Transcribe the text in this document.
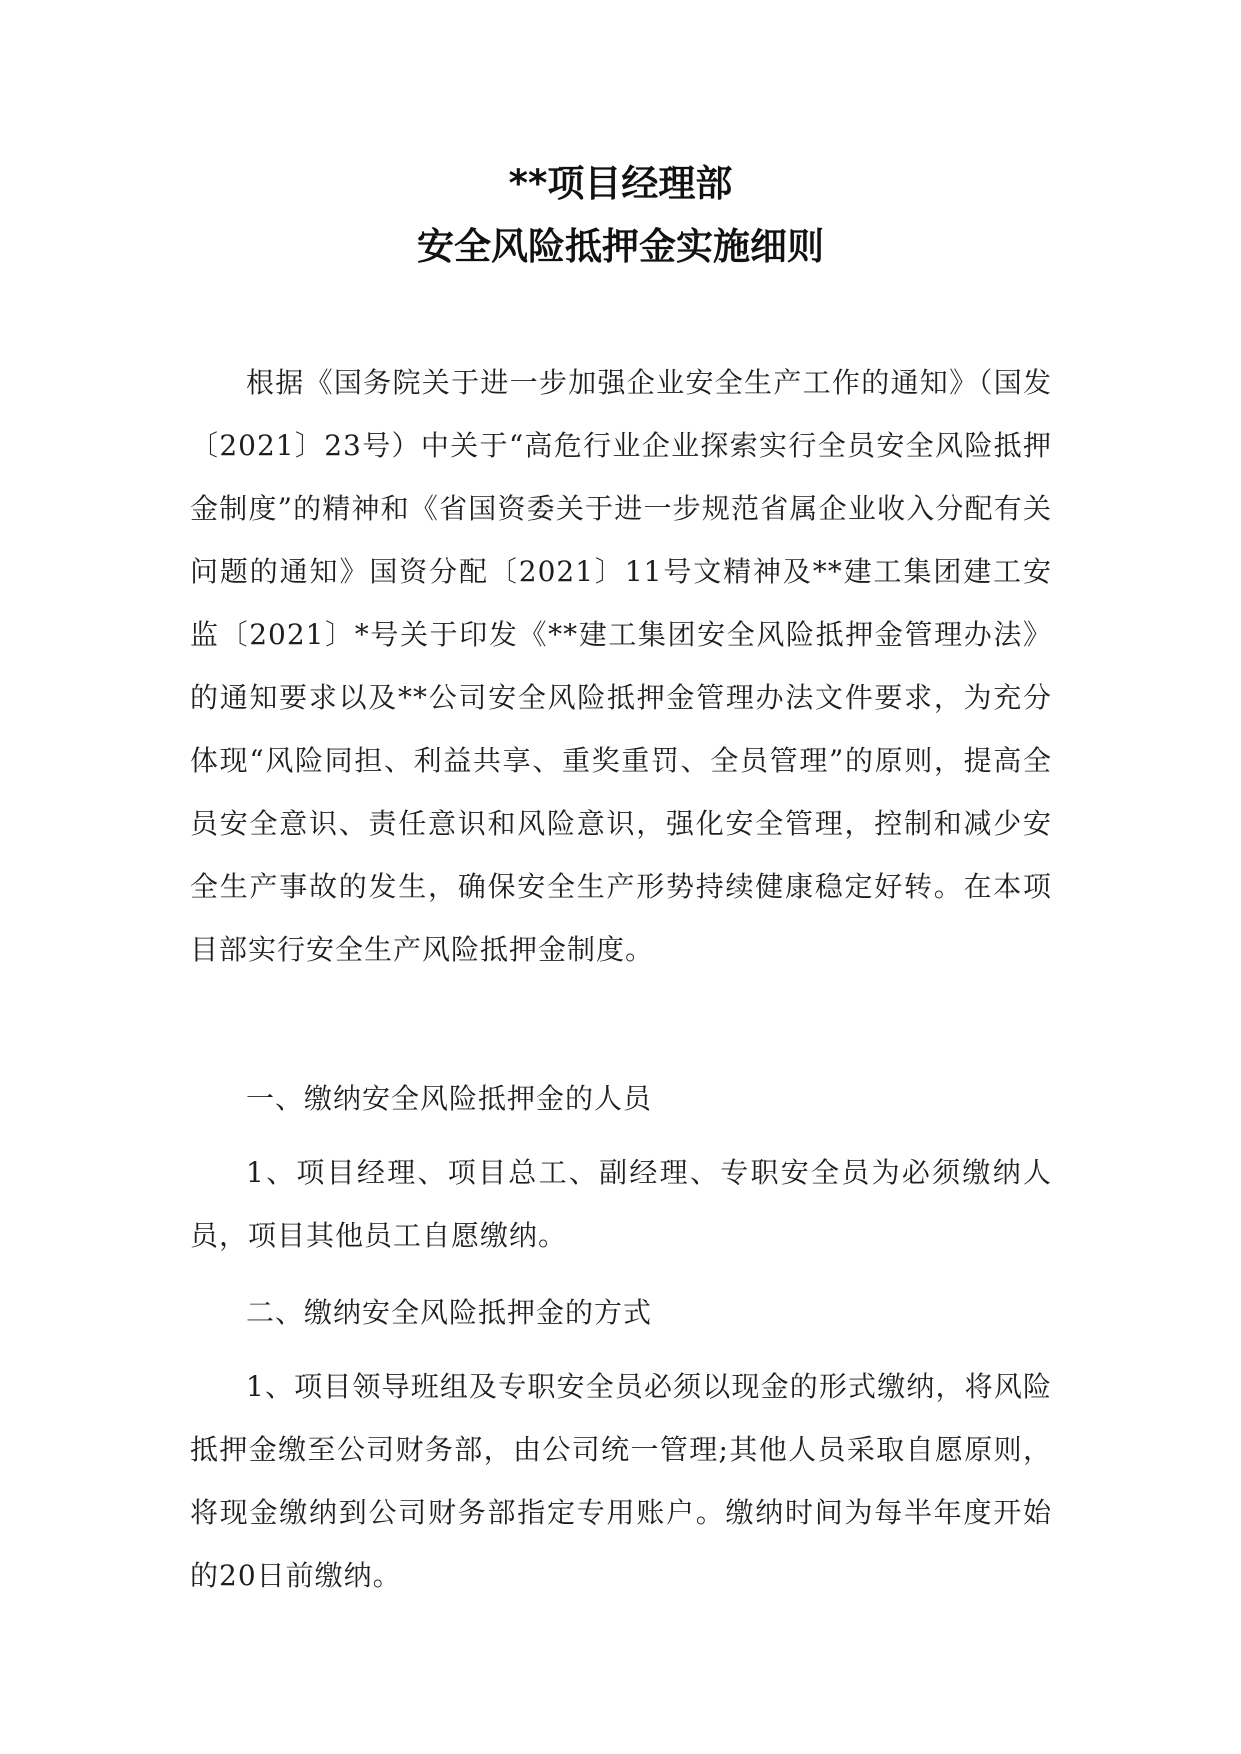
**项目经理部
安全风险抵押金实施细则

根据《国务院关于进一步加强企业安全生产工作的通知》（国发〔2021〕23号）中关于“高危行业企业探索实行全员安全风险抵押金制度”的精神和《省国资委关于进一步规范省属企业收入分配有关问题的通知》国资分配〔2021〕11号文精神及**建工集团建工安监〔2021〕*号关于印发《**建工集团安全风险抵押金管理办法》的通知要求以及**公司安全风险抵押金管理办法文件要求，为充分体现“风险同担、利益共享、重奖重罚、全员管理”的原则，提高全员安全意识、责任意识和风险意识，强化安全管理，控制和减少安全生产事故的发生，确保安全生产形势持续健康稳定好转。在本项目部实行安全生产风险抵押金制度。

一、缴纳安全风险抵押金的人员

1、项目经理、项目总工、副经理、专职安全员为必须缴纳人员，项目其他员工自愿缴纳。

二、缴纳安全风险抵押金的方式

1、项目领导班组及专职安全员必须以现金的形式缴纳，将风险抵押金缴至公司财务部，由公司统一管理;其他人员采取自愿原则，将现金缴纳到公司财务部指定专用账户。缴纳时间为每半年度开始的20日前缴纳。
